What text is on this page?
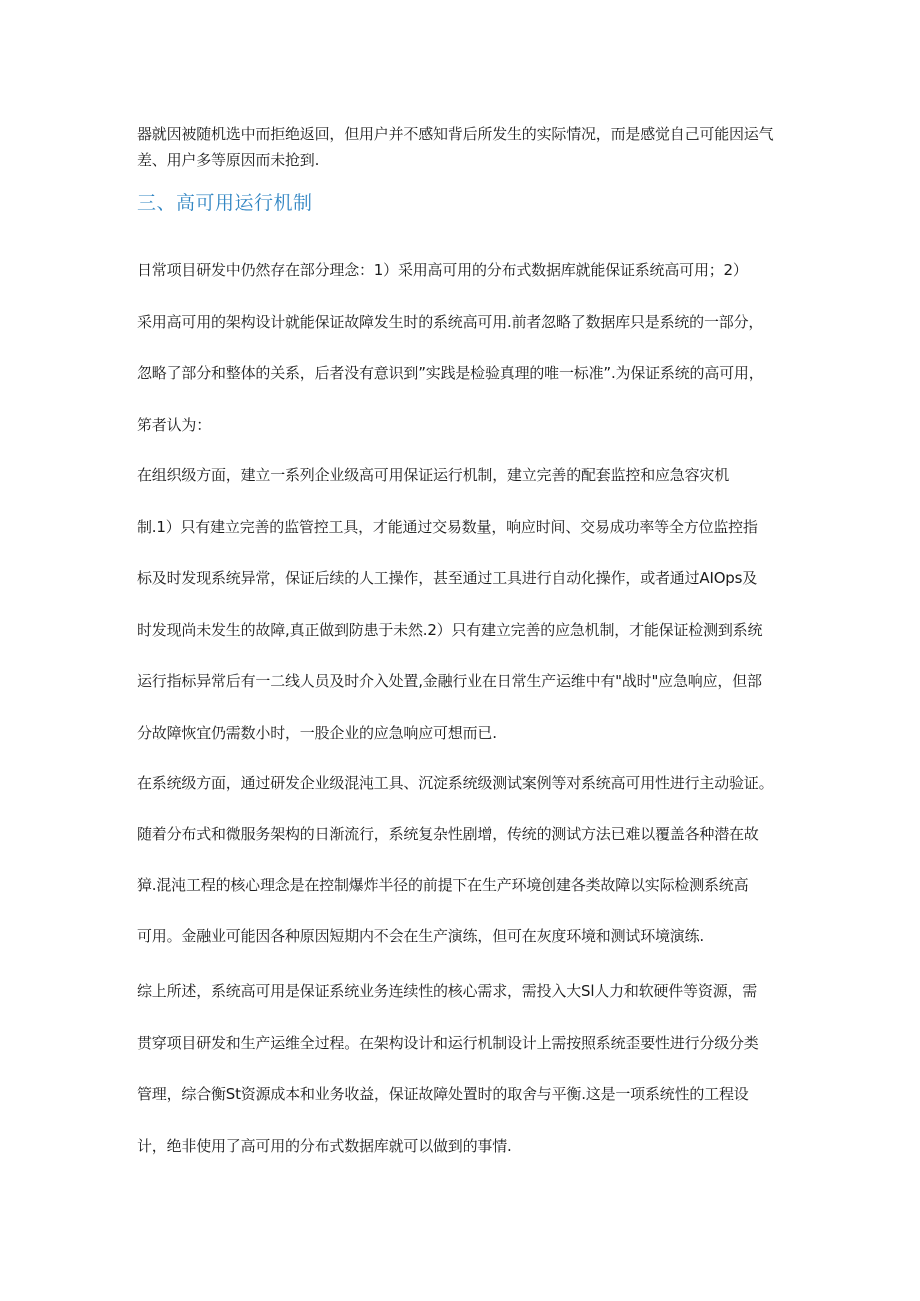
器就因被随机选中而拒绝返回，但用户并不感知背后所发生的实际情况，而是感觉自己可能因运气
差、用户多等原因而未抢到.
三、高可用运行机制
日常项目研发中仍然存在部分理念：1）采用高可用的分布式数据库就能保证系统高可用；2）
采用高可用的架构设计就能保证故障发生时的系统高可用.前者忽略了数据库只是系统的一部分，
忽略了部分和整体的关系，后者没有意识到”实践是检验真理的唯一标准”.为保证系统的高可用，
笫者认为：
在组织级方面，建立一系列企业级高可用保证运行机制，建立完善的配套监控和应急容灾机
制.1）只有建立完善的监管控工具，才能通过交易数量，响应时间、交易成功率等全方位监控指
标及时发现系统异常，保证后续的人工操作，甚至通过工具进行自动化操作，或者通过AIOps及
时发现尚未发生的故障,真正做到防患于未然.2）只有建立完善的应急机制，才能保证检测到系统
运行指标异常后有一二线人员及时介入处置,金融行业在日常生产运维中有"战时"应急响应，但部
分故障恢宜仍需数小时，一股企业的应急响应可想而已.
在系统级方面，通过研发企业级混沌工具、沉淀系统级测试案例等对系统高可用性进行主动验证。
随着分布式和微服务架构的日渐流行，系统复杂性剧增，传统的测试方法已难以覆盖各种潜在故
獐.混沌工程的核心理念是在控制爆炸半径的前提下在生产环境创建各类故障以实际检测系统高
可用。金融业可能因各种原因短期内不会在生产演练，但可在灰度环境和测试环境演练.
综上所述，系统高可用是保证系统业务连续性的核心需求，需投入大Sl人力和软硬件等资源，需
贯穿项目研发和生产运维全过程。在架构设计和运行机制设计上需按照系统歪要性进行分级分类
管理，综合衡St资源成本和业务收益，保证故障处置时的取舍与平衡.这是一项系统性的工程设
计，绝非使用了高可用的分布式数据库就可以做到的事情.
